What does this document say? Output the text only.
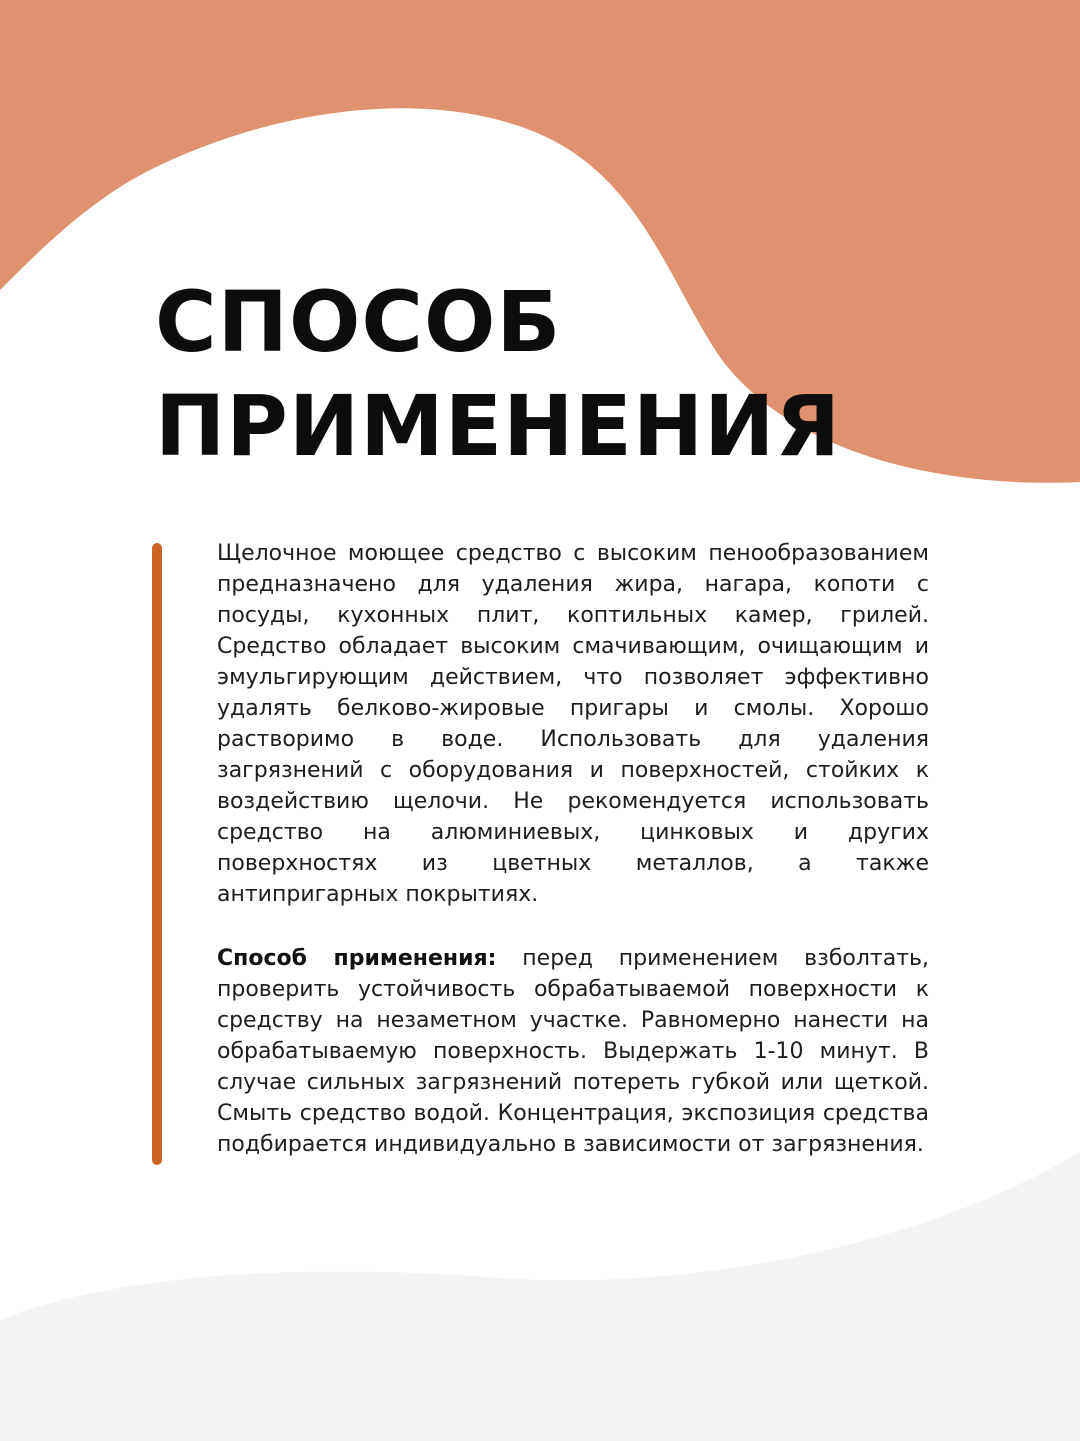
СПОСОБ
ПРИМЕНЕНИЯ

Щелочное моющее средство с высоким пенообразованием предназначено для удаления жира, нагара, копоти с посуды, кухонных плит, коптильных камер, грилей. Средство обладает высоким смачивающим, очищающим и эмульгирующим действием, что позволяет эффективно удалять белково-жировые пригары и смолы. Хорошо растворимо в воде. Использовать для удаления загрязнений с оборудования и поверхностей, стойких к воздействию щелочи. Не рекомендуется использовать средство на алюминиевых, цинковых и других поверхностях из цветных металлов, а также антипригарных покрытиях.

Способ применения: перед применением взболтать, проверить устойчивость обрабатываемой поверхности к средству на незаметном участке. Равномерно нанести на обрабатываемую поверхность. Выдержать 1-10 минут. В случае сильных загрязнений потереть губкой или щеткой. Смыть средство водой. Концентрация, экспозиция средства подбирается индивидуально в зависимости от загрязнения.
